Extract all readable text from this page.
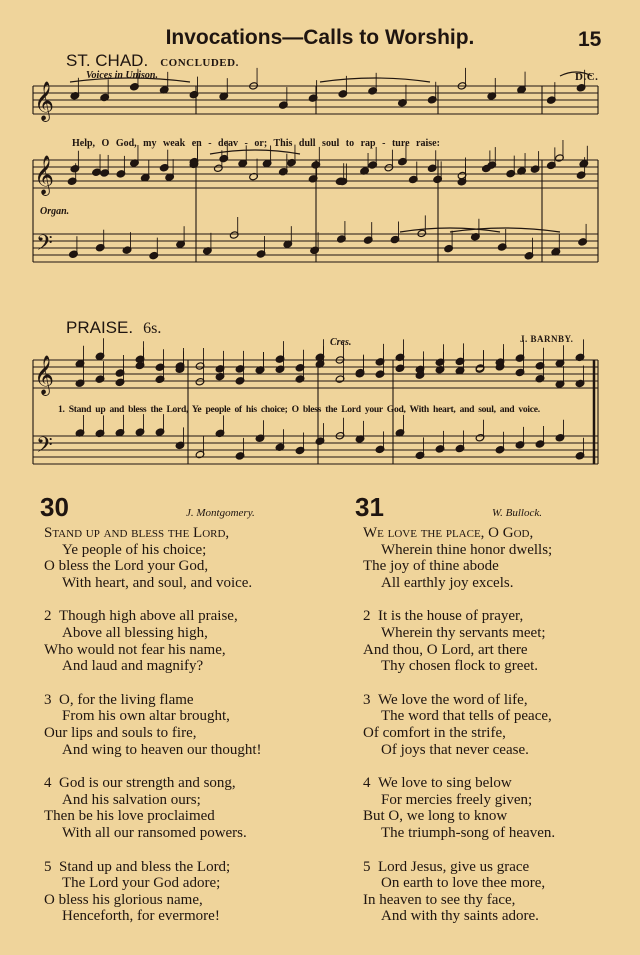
Invocations—Calls to Worship.	15
ST. CHAD. CONCLUDED.
Voices in Unison.	D.C.
Help, O God, my weak en - deav - or; This dull soul to rap - ture raise:
Organ.
PRAISE. 6s.
J. BARNBY.
Cres.
1. Stand up and bless the Lord, Ye people of his choice; O bless the Lord your God, With heart, and soul, and voice.
𝄞
𝄞
𝄢
𝄞
𝄢
30	J. Montgomery.
Stand up and bless the Lord,
Ye people of his choice;
O bless the Lord your God,
With heart, and soul, and voice.
2 Though high above all praise,
Above all blessing high,
Who would not fear his name,
And laud and magnify?
3 O, for the living flame
From his own altar brought,
Our lips and souls to fire,
And wing to heaven our thought!
4 God is our strength and song,
And his salvation ours;
Then be his love proclaimed
With all our ransomed powers.
5 Stand up and bless the Lord;
The Lord your God adore;
O bless his glorious name,
Henceforth, for evermore!
31	W. Bullock.
We love the place, O God,
Wherein thine honor dwells;
The joy of thine abode
All earthly joy excels.
2 It is the house of prayer,
Wherein thy servants meet;
And thou, O Lord, art there
Thy chosen flock to greet.
3 We love the word of life,
The word that tells of peace,
Of comfort in the strife,
Of joys that never cease.
4 We love to sing below
For mercies freely given;
But O, we long to know
The triumph-song of heaven.
5 Lord Jesus, give us grace
On earth to love thee more,
In heaven to see thy face,
And with thy saints adore.
